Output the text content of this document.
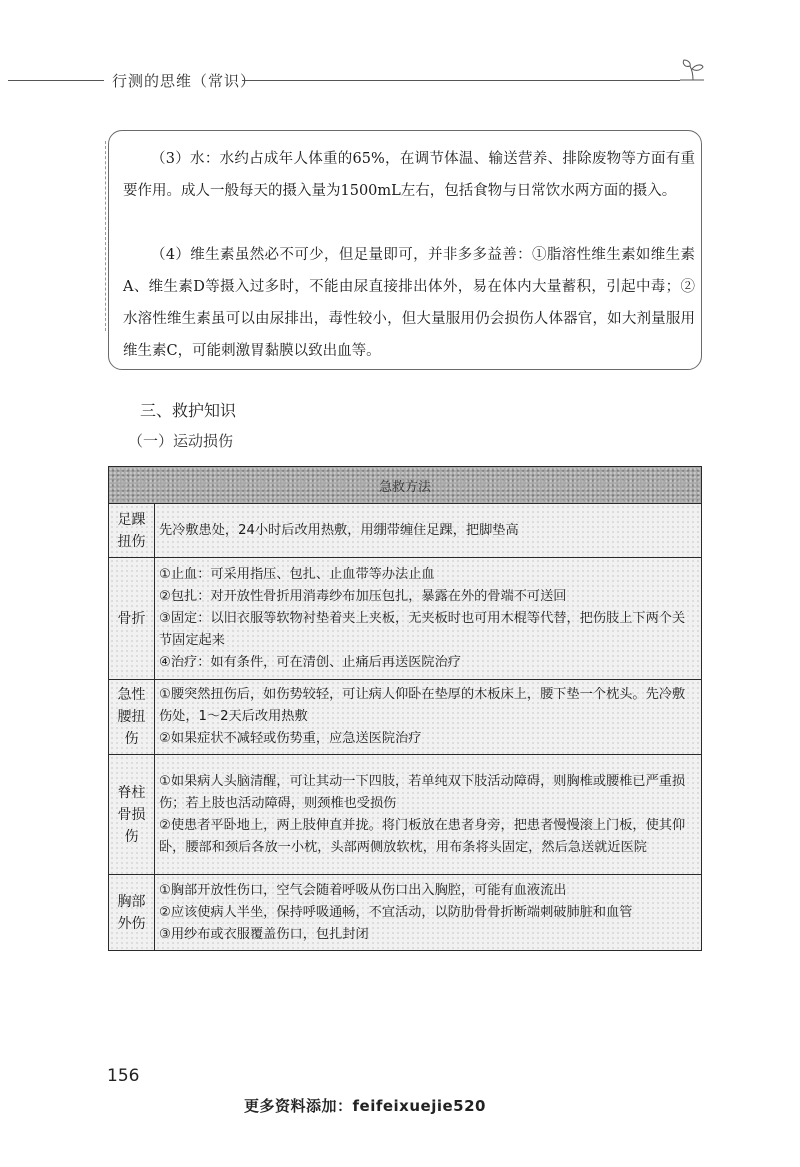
行测的思维（常识）

（3）水：水约占成年人体重的65%，在调节体温、输送营养、排除废物等方面有重要作用。成人一般每天的摄入量为1500mL左右，包括食物与日常饮水两方面的摄入。

（4）维生素虽然必不可少，但足量即可，并非多多益善：①脂溶性维生素如维生素A、维生素D等摄入过多时，不能由尿直接排出体外，易在体内大量蓄积，引起中毒；②水溶性维生素虽可以由尿排出，毒性较小，但大量服用仍会损伤人体器官，如大剂量服用维生素C，可能刺激胃黏膜以致出血等。

三、救护知识
（一）运动损伤
急救方法	
足踝扭伤	先冷敷患处，24小时后改用热敷，用绷带缠住足踝，把脚垫高

骨折	①止血：可采用指压、包扎、止血带等办法止血
②包扎：对开放性骨折用消毒纱布加压包扎，暴露在外的骨端不可送回
③固定：以旧衣服等软物衬垫着夹上夹板，无夹板时也可用木棍等代替，把伤肢上下两个关节固定起来
④治疗：如有条件，可在清创、止痛后再送医院治疗

急性腰扭伤	①腰突然扭伤后，如伤势较轻，可让病人仰卧在垫厚的木板床上，腰下垫一个枕头。先冷敷伤处，1～2天后改用热敷
②如果症状不减轻或伤势重，应急送医院治疗

脊柱骨损伤	①如果病人头脑清醒，可让其动一下四肢，若单纯双下肢活动障碍，则胸椎或腰椎已严重损伤；若上肢也活动障碍，则颈椎也受损伤
②使患者平卧地上，两上肢伸直并拢。将门板放在患者身旁，把患者慢慢滚上门板，使其仰卧，腰部和颈后各放一小枕，头部两侧放软枕，用布条将头固定，然后急送就近医院

胸部外伤	①胸部开放性伤口，空气会随着呼吸从伤口出入胸腔，可能有血液流出
②应该使病人半坐，保持呼吸通畅，不宜活动，以防肋骨骨折断端刺破肺脏和血管
③用纱布或衣服覆盖伤口，包扎封闭
156
更多资料添加：feifeixuejie520
